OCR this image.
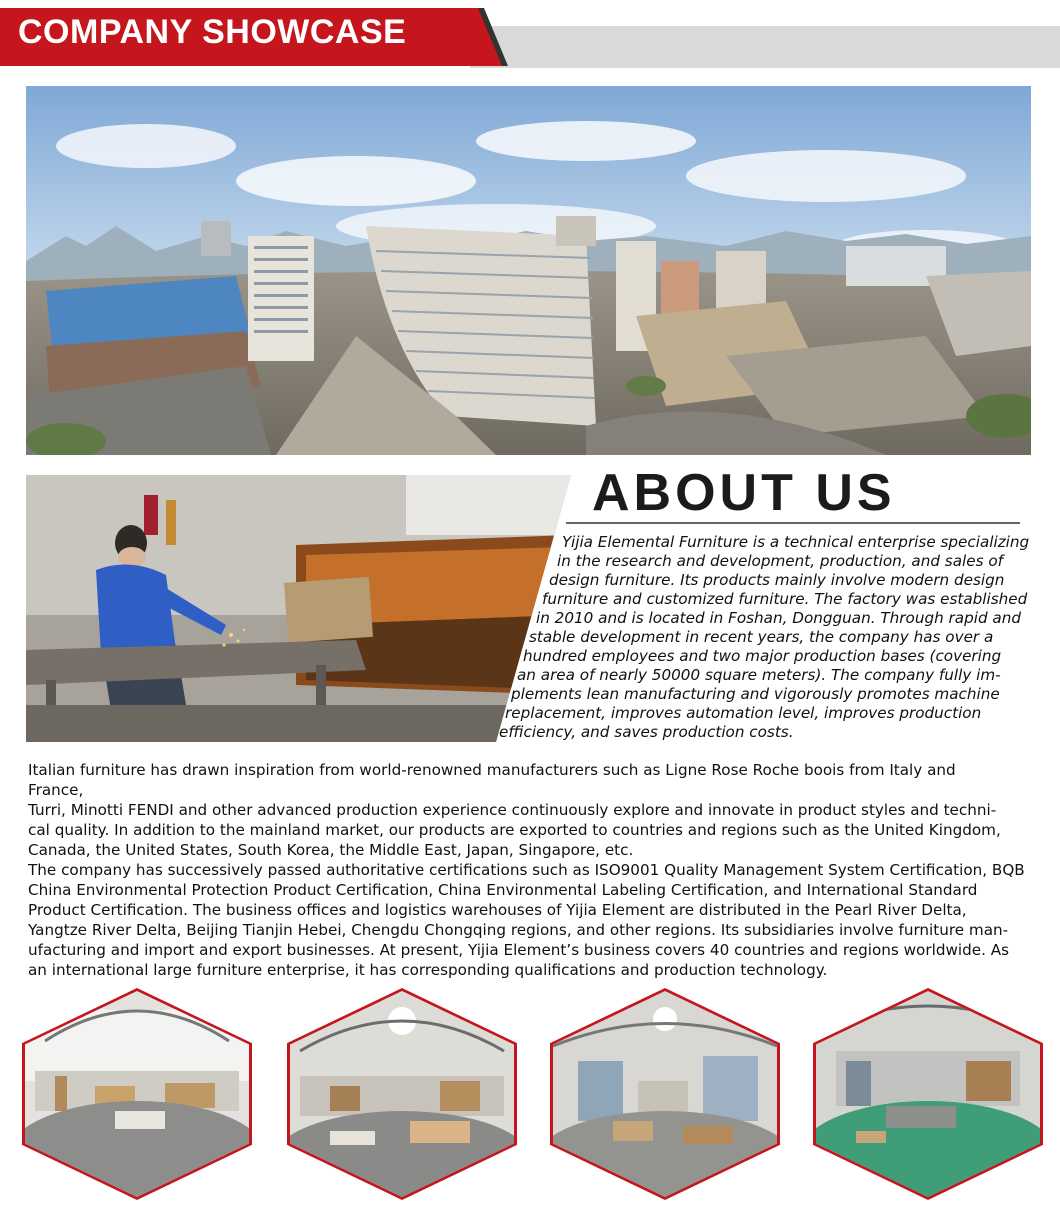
COMPANY SHOWCASE
ABOUT US
Yijia Elemental Furniture is a technical enterprise specializing
in the research and development, production, and sales of
design furniture. Its products mainly involve modern design
furniture and customized furniture. The factory was established
in 2010 and is located in Foshan, Dongguan. Through rapid and
stable development in recent years, the company has over a
hundred employees and two major production bases (covering
an area of nearly 50000 square meters). The company fully im-
plements lean manufacturing and vigorously promotes machine
replacement, improves automation level, improves production
efficiency, and saves production costs.
Italian furniture has drawn inspiration from world-renowned manufacturers such as Ligne Rose Roche boois from Italy and
France,
Turri, Minotti FENDI and other advanced production experience continuously explore and innovate in product styles and techni-
cal quality. In addition to the mainland market, our products are exported to countries and regions such as the United Kingdom,
Canada, the United States, South Korea, the Middle East, Japan, Singapore, etc.
The company has successively passed authoritative certifications such as ISO9001 Quality Management System Certification, BQB
China Environmental Protection Product Certification, China Environmental Labeling Certification, and International Standard
Product Certification. The business offices and logistics warehouses of Yijia Element are distributed in the Pearl River Delta,
Yangtze River Delta, Beijing Tianjin Hebei, Chengdu Chongqing regions, and other regions. Its subsidiaries involve furniture man-
ufacturing and import and export businesses. At present, Yijia Element’s business covers 40 countries and regions worldwide. As
an international large furniture enterprise, it has corresponding qualifications and production technology.
